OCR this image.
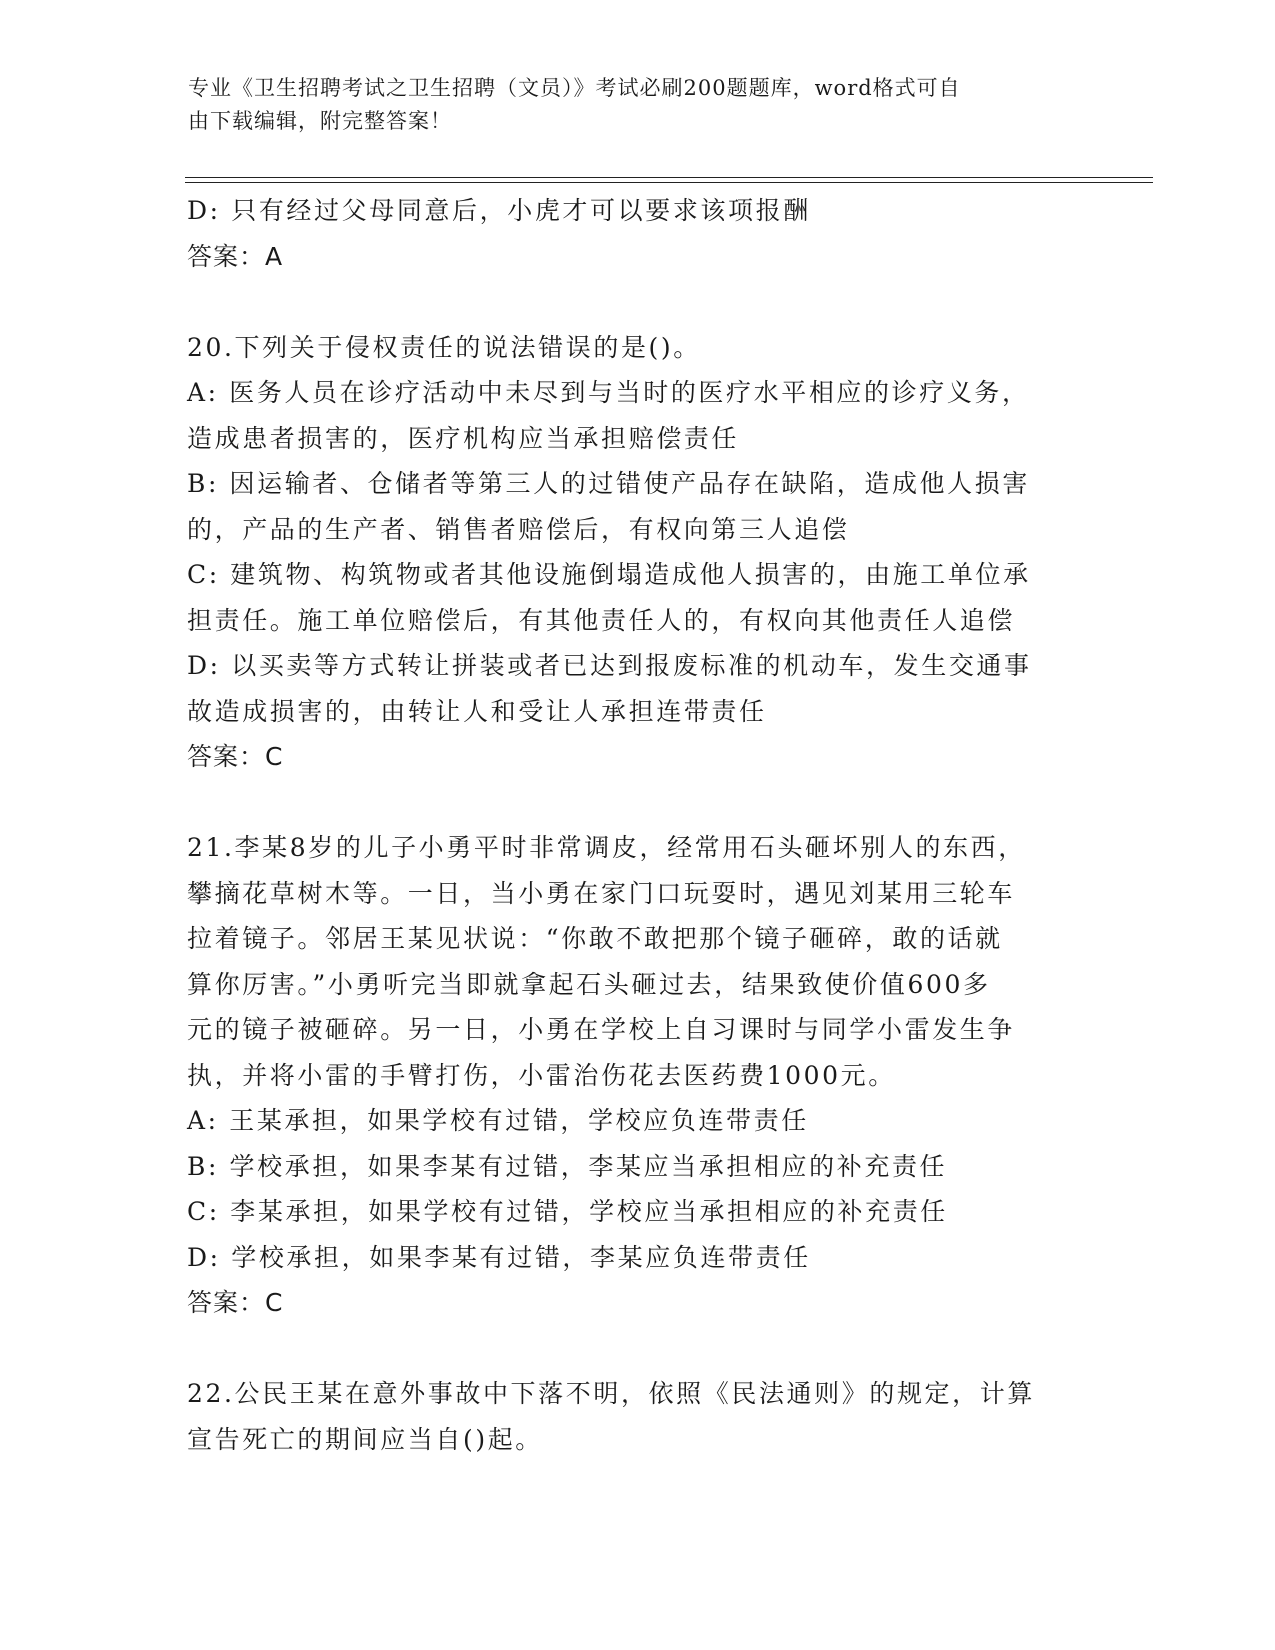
专业《卫生招聘考试之卫生招聘（文员）》考试必刷200题题库，word格式可自
由下载编辑，附完整答案！

D: 只有经过父母同意后，小虎才可以要求该项报酬

答案：A

20.下列关于侵权责任的说法错误的是()。

A: 医务人员在诊疗活动中未尽到与当时的医疗水平相应的诊疗义务，

造成患者损害的，医疗机构应当承担赔偿责任

B: 因运输者、仓储者等第三人的过错使产品存在缺陷，造成他人损害

的，产品的生产者、销售者赔偿后，有权向第三人追偿

C: 建筑物、构筑物或者其他设施倒塌造成他人损害的，由施工单位承

担责任。施工单位赔偿后，有其他责任人的，有权向其他责任人追偿

D: 以买卖等方式转让拼装或者已达到报废标准的机动车，发生交通事

故造成损害的，由转让人和受让人承担连带责任

答案：C

21.李某8岁的儿子小勇平时非常调皮，经常用石头砸坏别人的东西，

攀摘花草树木等。一日，当小勇在家门口玩耍时，遇见刘某用三轮车

拉着镜子。邻居王某见状说：“你敢不敢把那个镜子砸碎，敢的话就

算你厉害。”小勇听完当即就拿起石头砸过去，结果致使价值600多

元的镜子被砸碎。另一日，小勇在学校上自习课时与同学小雷发生争

执，并将小雷的手臂打伤，小雷治伤花去医药费1000元。

A: 王某承担，如果学校有过错，学校应负连带责任

B: 学校承担，如果李某有过错，李某应当承担相应的补充责任

C: 李某承担，如果学校有过错，学校应当承担相应的补充责任

D: 学校承担，如果李某有过错，李某应负连带责任

答案：C

22.公民王某在意外事故中下落不明，依照《民法通则》的规定，计算

宣告死亡的期间应当自()起。
